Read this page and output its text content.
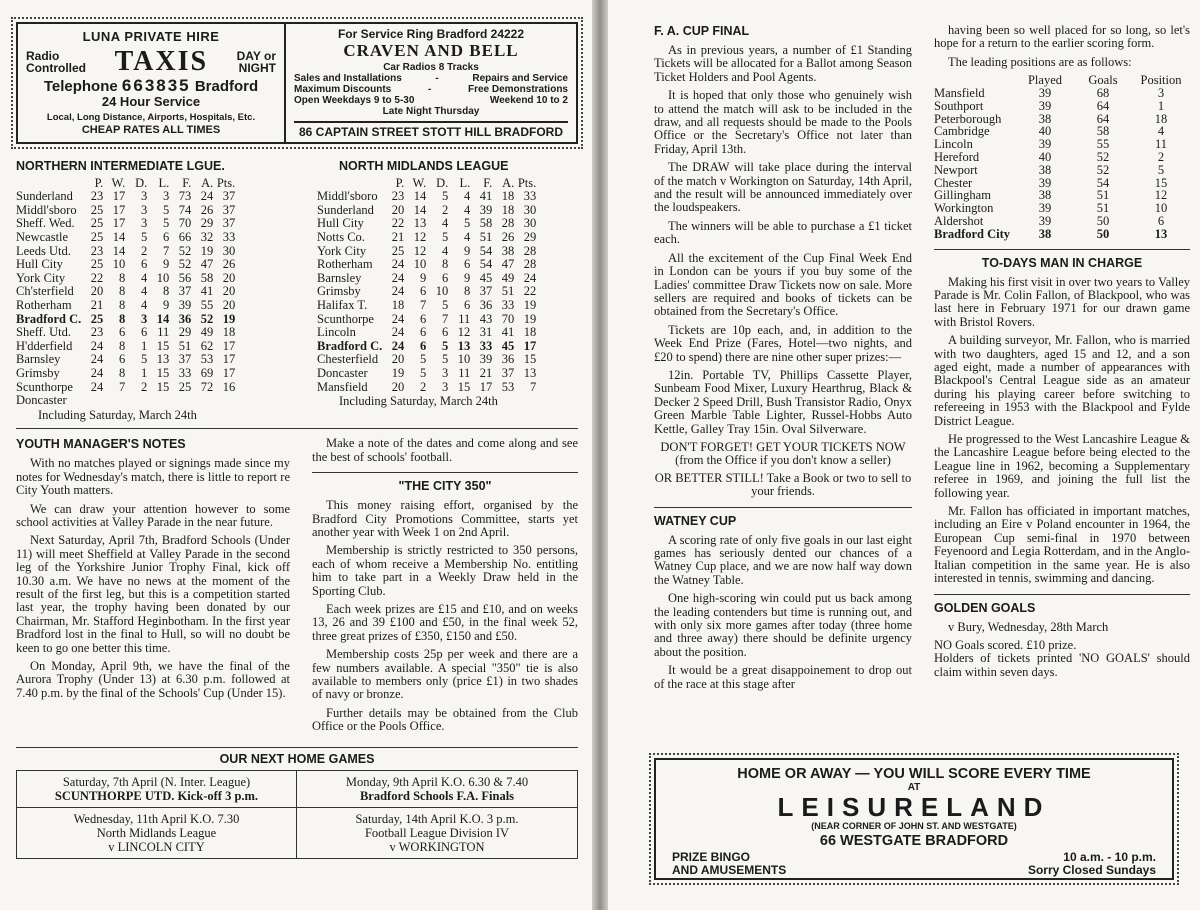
LUNA PRIVATE HIRE
Radio
Controlled TAXIS DAY or
NIGHT
Telephone 663835 Bradford
24 Hour Service
Local, Long Distance, Airports, Hospitals, Etc.
CHEAP RATES ALL TIMES
For Service Ring Bradford 24222
CRAVEN AND BELL
Car Radios 8 Tracks
Sales and Installations	-	Repairs and Service
Maximum Discounts	-	Free Demonstrations
Open Weekdays 9 to 5-30	Weekend 10 to 2
Late Night Thursday
86 CAPTAIN STREET STOTT HILL BRADFORD
NORTHERN INTERMEDIATE LGUE.
	P.	W.	D.	L.	F.	A.	Pts.
Sunderland	23	17	3	3	73	24	37
Middl'sboro	25	17	3	5	74	26	37
Sheff. Wed.	25	17	3	5	70	29	37
Newcastle	25	14	5	6	66	32	33
Leeds Utd.	23	14	2	7	52	19	30
Hull City	25	10	6	9	52	47	26
York City	22	8	4	10	56	58	20
Ch'sterfield	20	8	4	8	37	41	20
Rotherham	21	8	4	9	39	55	20
Bradford C.	25	8	3	14	36	52	19
Sheff. Utd.	23	6	6	11	29	49	18
H'dderfield	24	8	1	15	51	62	17
Barnsley	24	6	5	13	37	53	17
Grimsby	24	8	1	15	33	69	17
Scunthorpe	24	7	2	15	25	72	16
Doncaster							
Including Saturday, March 24th
NORTH MIDLANDS LEAGUE
	P.	W.	D.	L.	F.	A.	Pts.
Middl'sboro	23	14	5	4	41	18	33
Sunderland	20	14	2	4	39	18	30
Hull City	22	13	4	5	58	28	30
Notts Co.	21	12	5	4	51	26	29
York City	25	12	4	9	54	38	28
Rotherham	24	10	8	6	54	47	28
Barnsley	24	9	6	9	45	49	24
Grimsby	24	6	10	8	37	51	22
Halifax T.	18	7	5	6	36	33	19
Scunthorpe	24	6	7	11	43	70	19
Lincoln	24	6	6	12	31	41	18
Bradford C.	24	6	5	13	33	45	17
Chesterfield	20	5	5	10	39	36	15
Doncaster	19	5	3	11	21	37	13
Mansfield	20	2	3	15	17	53	7
Including Saturday, March 24th
YOUTH MANAGER'S NOTES

With no matches played or signings made since my notes for Wednesday's match, there is little to report re City Youth matters.

We can draw your attention however to some school activities at Valley Parade in the near future.

Next Saturday, April 7th, Bradford Schools (Under 11) will meet Sheffield at Valley Parade in the second leg of the Yorkshire Junior Trophy Final, kick off 10.30 a.m. We have no news at the moment of the result of the first leg, but this is a competition started last year, the trophy having been donated by our Chairman, Mr. Stafford Heginbotham. In the first year Bradford lost in the final to Hull, so will no doubt be keen to go one better this time.

On Monday, April 9th, we have the final of the Aurora Trophy (Under 13) at 6.30 p.m. followed at 7.40 p.m. by the final of the Schools' Cup (Under 15).

Make a note of the dates and come along and see the best of schools' football.

"THE CITY 350"

This money raising effort, organised by the Bradford City Promotions Committee, starts yet another year with Week 1 on 2nd April.

Membership is strictly restricted to 350 persons, each of whom receive a Membership No. entitling him to take part in a Weekly Draw held in the Sporting Club.

Each week prizes are £15 and £10, and on weeks 13, 26 and 39 £100 and £50, in the final week 52, three great prizes of £350, £150 and £50.

Membership costs 25p per week and there are a few numbers available. A special "350" tie is also available to members only (price £1) in two shades of navy or bronze.

Further details may be obtained from the Club Office or the Pools Office.

OUR NEXT HOME GAMES
Saturday, 7th April (N. Inter. League)
SCUNTHORPE UTD. Kick-off 3 p.m.
Monday, 9th April K.O. 6.30 & 7.40
Bradford Schools F.A. Finals
Wednesday, 11th April K.O. 7.30
North Midlands League
v LINCOLN CITY
Saturday, 14th April K.O. 3 p.m.
Football League Division IV
v WORKINGTON
F. A. CUP FINAL

As in previous years, a number of £1 Standing Tickets will be allocated for a Ballot among Season Ticket Holders and Pool Agents.

It is hoped that only those who genuinely wish to attend the match will ask to be included in the draw, and all requests should be made to the Pools Office or the Secretary's Office not later than Friday, April 13th.

The DRAW will take place during the interval of the match v Workington on Saturday, 14th April, and the result will be announced immediately over the loudspeakers.

The winners will be able to purchase a £1 ticket each.

All the excitement of the Cup Final Week End in London can be yours if you buy some of the Ladies' committee Draw Tickets now on sale. More sellers are required and books of tickets can be obtained from the Secretary's Office.

Tickets are 10p each, and, in addition to the Week End Prize (Fares, Hotel—two nights, and £20 to spend) there are nine other super prizes:—

12in. Portable TV, Phillips Cassette Player, Sunbeam Food Mixer, Luxury Hearthrug, Black & Decker 2 Speed Drill, Bush Transistor Radio, Onyx Green Marble Table Lighter, Russel-Hobbs Auto Kettle, Galley Tray 15in. Oval Silverware.

DON'T FORGET! GET YOUR TICKETS NOW (from the Office if you don't know a seller)
OR BETTER STILL! Take a Book or two to sell to your friends.
WATNEY CUP

A scoring rate of only five goals in our last eight games has seriously dented our chances of a Watney Cup place, and we are now half way down the Watney Table.

One high-scoring win could put us back among the leading contenders but time is running out, and with only six more games after today (three home and three away) there should be definite urgency about the position.

It would be a great disappoinement to drop out of the race at this stage after

having been so well placed for so long, so let's hope for a return to the earlier scoring form.

The leading positions are as follows:

	Played	Goals	Position
Mansfield	39	68	3
Southport	39	64	1
Peterborough	38	64	18
Cambridge	40	58	4
Lincoln	39	55	11
Hereford	40	52	2
Newport	38	52	5
Chester	39	54	15
Gillingham	38	51	12
Workington	39	51	10
Aldershot	39	50	6
Bradford City	38	50	13
TO-DAYS MAN IN CHARGE

Making his first visit in over two years to Valley Parade is Mr. Colin Fallon, of Blackpool, who was last here in February 1971 for our drawn game with Bristol Rovers.

A building surveyor, Mr. Fallon, who is married with two daughters, aged 15 and 12, and a son aged eight, made a number of appearances with Blackpool's Central League side as an amateur during his playing career before switching to refereeing in 1953 with the Blackpool and Fylde District League.

He progressed to the West Lancashire League & the Lancashire League before being elected to the League line in 1962, becoming a Supplementary referee in 1969, and joining the full list the following year.

Mr. Fallon has officiated in important matches, including an Eire v Poland encounter in 1964, the European Cup semi-final in 1970 between Feyenoord and Legia Rotterdam, and in the Anglo-Italian competition in the same year. He is also interested in tennis, swimming and dancing.

GOLDEN GOALS

v Bury, Wednesday, 28th March

NO Goals scored. £10 prize.
Holders of tickets printed 'NO GOALS' should claim within seven days.
HOME OR AWAY — YOU WILL SCORE EVERY TIME
AT
LEISURELAND
(NEAR CORNER OF JOHN ST. AND WESTGATE)
66 WESTGATE BRADFORD
PRIZE BINGO
AND AMUSEMENTS
10 a.m. - 10 p.m.
Sorry Closed Sundays
